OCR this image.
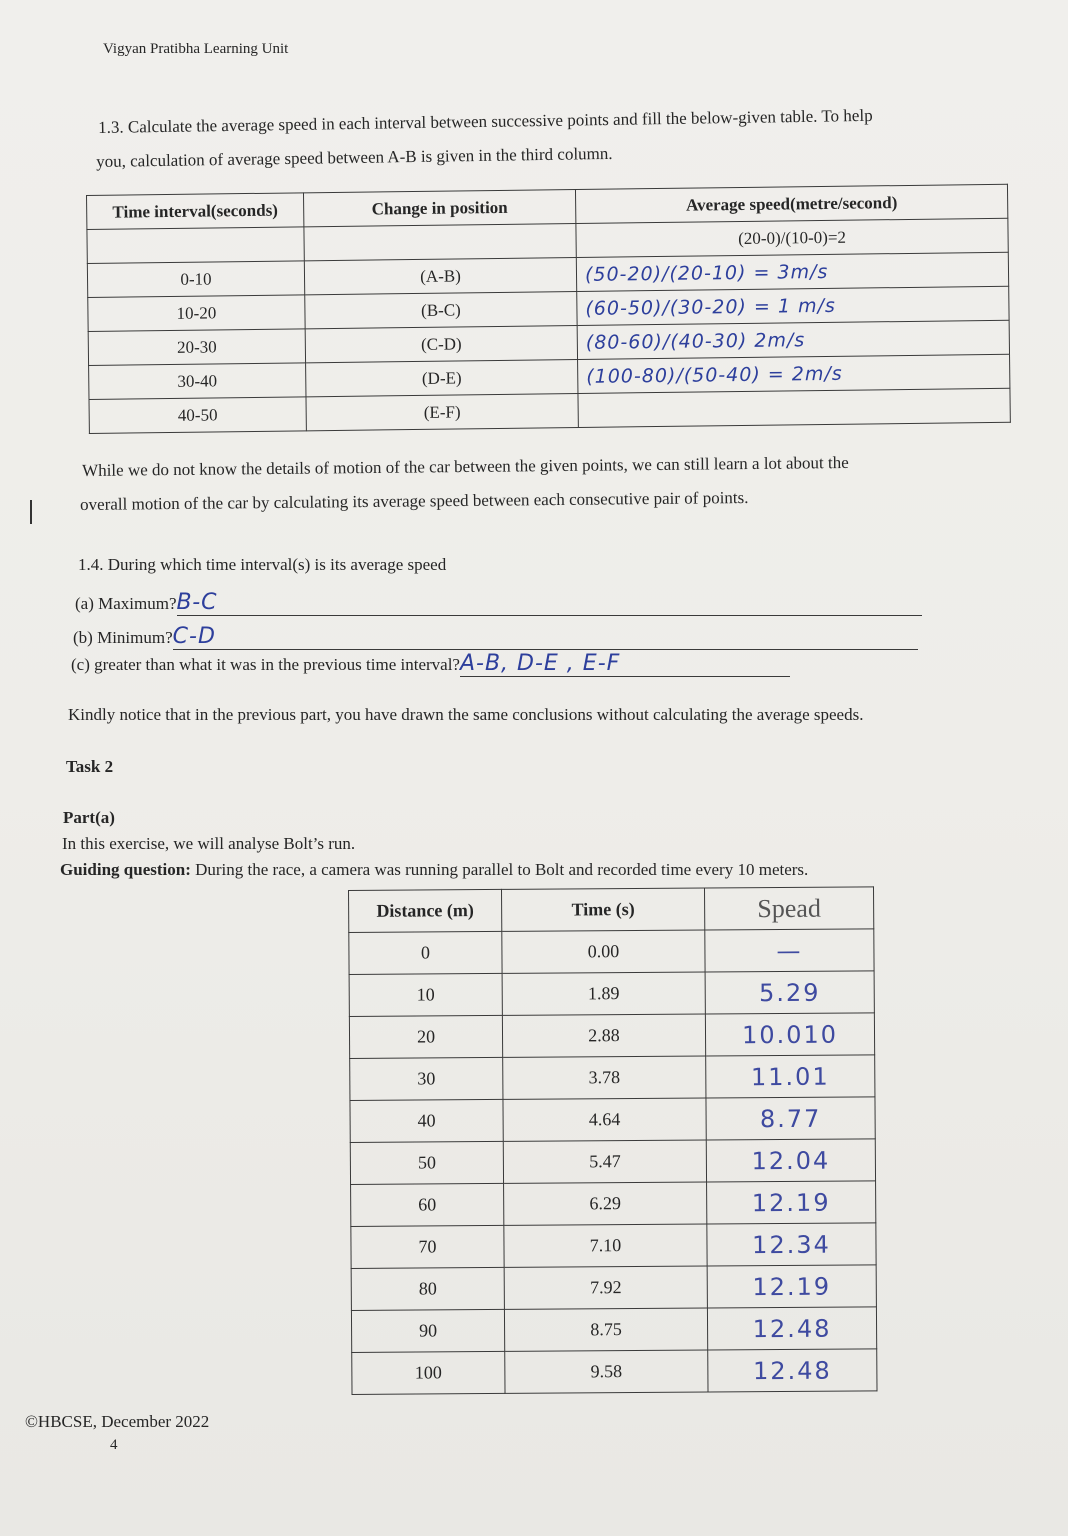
Vigyan Pratibha Learning Unit
1.3. Calculate the average speed in each interval between successive points and fill the below-given table. To help
you, calculation of average speed between A-B is given in the third column.
Time interval(seconds)	Change in position	Average speed(metre/second)
		(20-0)/(10-0)=2
0-10	(A-B)	(50-20)/(20-10) = 3m/s
10-20	(B-C)	(60-50)/(30-20) = 1 m/s
20-30	(C-D)	(80-60)/(40-30) 2m/s
30-40	(D-E)	(100-80)/(50-40) = 2m/s
40-50	(E-F)	
While we do not know the details of motion of the car between the given points, we can still learn a lot about the
overall motion of the car by calculating its average speed between each consecutive pair of points.
1.4. During which time interval(s) is its average speed
(a) Maximum?B-C
(b) Minimum?C-D
(c) greater than what it was in the previous time interval?A-B, D-E , E-F
Kindly notice that in the previous part, you have drawn the same conclusions without calculating the average speeds.
Task 2
Part(a)
In this exercise, we will analyse Bolt’s run.
Guiding question: During the race, a camera was running parallel to Bolt and recorded time every 10 meters.
Distance (m)	Time (s)	Spead
0	0.00	—
10	1.89	5.29
20	2.88	10.010
30	3.78	11.01
40	4.64	8.77
50	5.47	12.04
60	6.29	12.19
70	7.10	12.34
80	7.92	12.19
90	8.75	12.48
100	9.58	12.48
©HBCSE, December 2022
4
